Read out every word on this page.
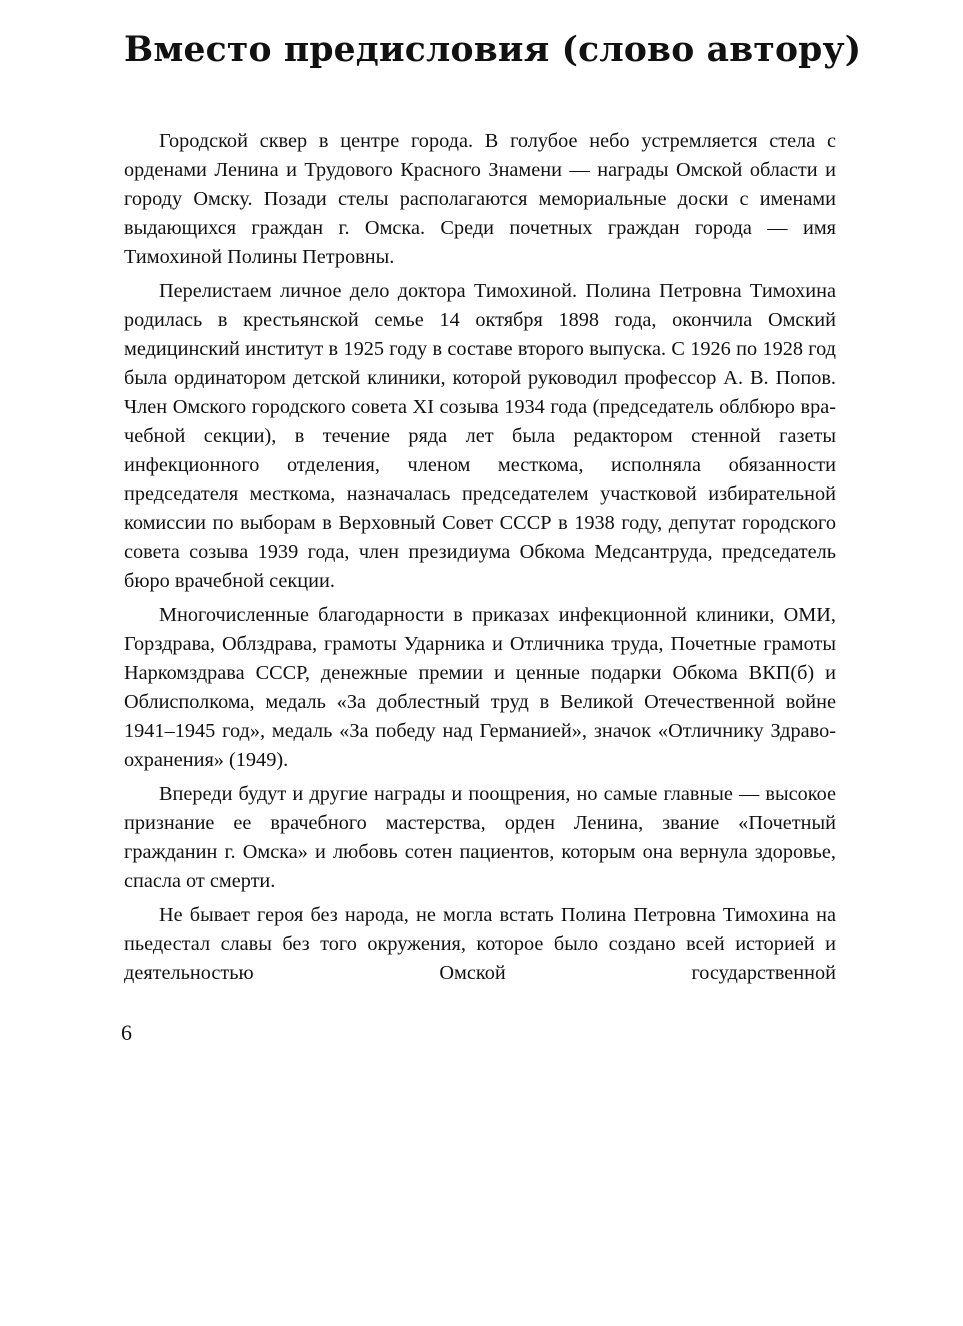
Вместо предисловия (слово автору)

Городской сквер в центре города. В голубое небо устремляется стела с орденами Ленина и Трудового Красного Знамени — награды Омской области и городу Омску. Позади стелы располагаются мемориальные доски с именами выдающихся граждан г. Омска. Среди почетных граждан города — имя Тимохиной Полины Петровны.

Перелистаем личное дело доктора Тимохиной. Полина Петровна Тимохина родилась в крестьянской семье 14 октября 1898 года, окончила Омский медицинский институт в 1925 году в составе второго выпуска. С 1926 по 1928 год была ординатором детской клиники, которой руководил профессор А. В. Попов. Член Омского городского совета XI созыва 1934 года (председатель облбюро врачебной секции), в течение ряда лет была редактором стенной газеты инфекционного отделения, членом месткома, исполняла обязанности председателя месткома, назначалась председателем участковой избирательной комиссии по выборам в Верховный Совет СССР в 1938 году, депутат городского совета созыва 1939 года, член президиума Обкома Медсантруда, председатель бюро врачебной секции.

Многочисленные благодарности в приказах инфекционной клиники, ОМИ, Горздрава, Облздрава, грамоты Ударника и Отличника труда, Почетные грамоты Наркомздрава СССР, денежные премии и ценные подарки Обкома ВКП(б) и Облисполкома, медаль «За доблестный труд в Великой Отечественной войне 1941–1945 год», медаль «За победу над Германией», значок «Отличнику Здравоохранения» (1949).

Впереди будут и другие награды и поощрения, но самые главные — высокое признание ее врачебного мастерства, орден Ленина, звание «Почетный гражданин г. Омска» и любовь сотен пациентов, которым она вернула здоровье, спасла от смерти.

Не бывает героя без народа, не могла встать Полина Петровна Тимохина на пьедестал славы без того окружения, которое было создано всей историей и деятельностью Омской государственной

6
